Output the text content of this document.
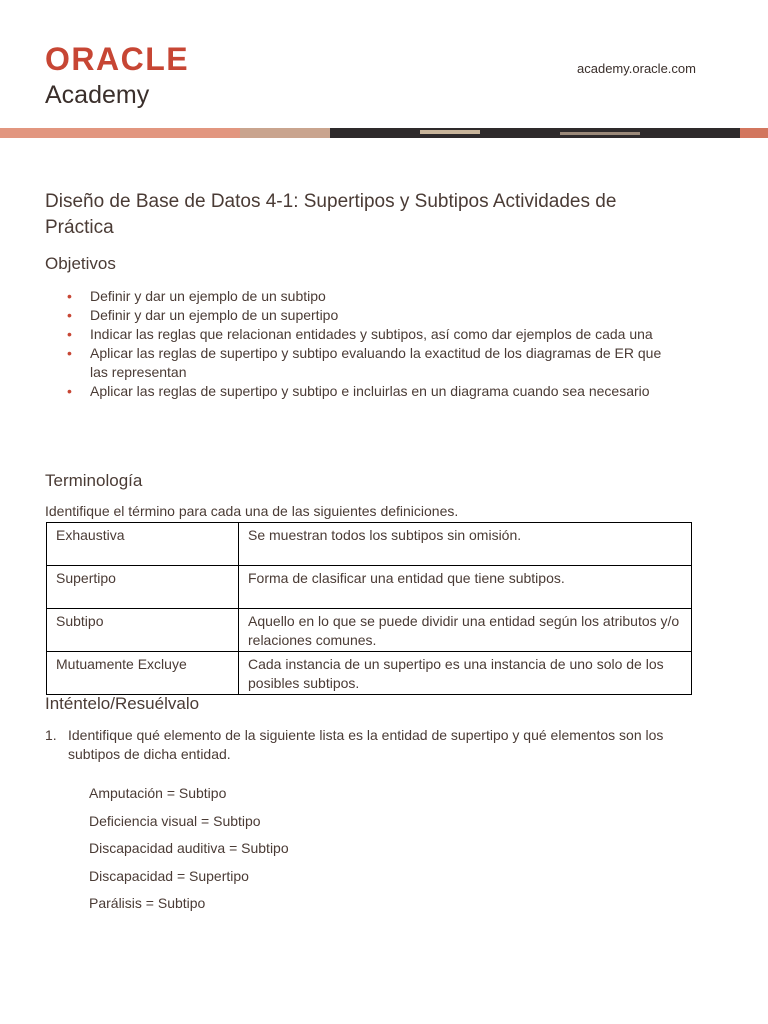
ORACLE
Academy
academy.oracle.com
Diseño de Base de Datos 4-1: Supertipos y Subtipos Actividades de Práctica
Objetivos
• Definir y dar un ejemplo de un subtipo
• Definir y dar un ejemplo de un supertipo
• Indicar las reglas que relacionan entidades y subtipos, así como dar ejemplos de cada una
• Aplicar las reglas de supertipo y subtipo evaluando la exactitud de los diagramas de ER que las representan
• Aplicar las reglas de supertipo y subtipo e incluirlas en un diagrama cuando sea necesario
Terminología
Identifique el término para cada una de las siguientes definiciones.
Exhaustiva	Se muestran todos los subtipos sin omisión.
Supertipo	Forma de clasificar una entidad que tiene subtipos.
Subtipo	Aquello en lo que se puede dividir una entidad según los atributos y/o relaciones comunes.
Mutuamente Excluye	Cada instancia de un supertipo es una instancia de uno solo de los posibles subtipos.
Inténtelo/Resuélvalo
1. Identifique qué elemento de la siguiente lista es la entidad de supertipo y qué elementos son los subtipos de dicha entidad.
Amputación = Subtipo
Deficiencia visual = Subtipo
Discapacidad auditiva = Subtipo
Discapacidad = Supertipo
Parálisis = Subtipo
